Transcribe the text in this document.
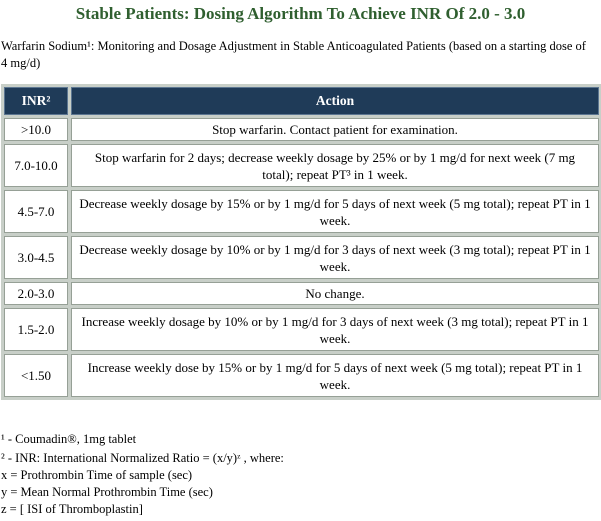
Stable Patients: Dosing Algorithm To Achieve INR Of 2.0 - 3.0
Warfarin Sodium¹: Monitoring and Dosage Adjustment in Stable Anticoagulated Patients (based on a starting dose of 4 mg/d)
INR²	Action
>10.0	Stop warfarin. Contact patient for examination.
7.0-10.0	Stop warfarin for 2 days; decrease weekly dosage by 25% or by 1 mg/d for next week (7 mg total); repeat PT³ in 1 week.
4.5-7.0	Decrease weekly dosage by 15% or by 1 mg/d for 5 days of next week (5 mg total); repeat PT in 1 week.
3.0-4.5	Decrease weekly dosage by 10% or by 1 mg/d for 3 days of next week (3 mg total); repeat PT in 1 week.
2.0-3.0	No change.
1.5-2.0	Increase weekly dosage by 10% or by 1 mg/d for 3 days of next week (3 mg total); repeat PT in 1 week.
<1.50	Increase weekly dose by 15% or by 1 mg/d for 5 days of next week (5 mg total); repeat PT in 1 week.
¹ - Coumadin®, 1mg tablet
² - INR: International Normalized Ratio = (x/y)ᶻ , where:
x = Prothrombin Time of sample (sec)
y = Mean Normal Prothrombin Time (sec)
z = [ ISI of Thromboplastin]
